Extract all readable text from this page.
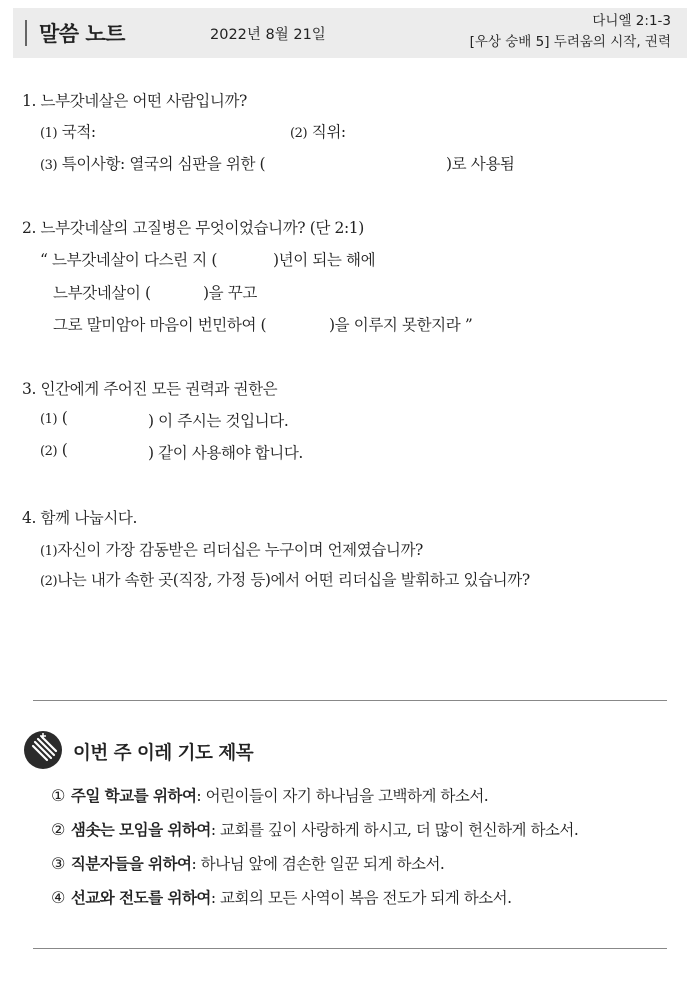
말씀 노트	2022년 8월 21일
다니엘 2:1-3
[우상 숭배 5] 두려움의 시작, 권력
1. 느부갓네살은 어떤 사람입니까?
(1) 국적:	(2) 직위:
(3) 특이사항: 열국의 심판을 위한 (	)로 사용됨
2. 느부갓네살의 고질병은 무엇이었습니까? (단 2:1)
“ 느부갓네살이 다스린 지 (	)년이 되는 해에
느부갓네살이 (	)을 꾸고
그로 말미암아 마음이 번민하여 (	)을 이루지 못한지라 ”
3. 인간에게 주어진 모든 권력과 권한은
(1) (	) 이 주시는 것입니다.
(2) (	) 같이 사용해야 합니다.
4. 함께 나눕시다.
(1)자신이 가장 감동받은 리더십은 누구이며 언제였습니까?
(2)나는 내가 속한 곳(직장, 가정 등)에서 어떤 리더십을 발휘하고 있습니까?
이번 주 이레 기도 제목
① 주일 학교를 위하여: 어린이들이 자기 하나님을 고백하게 하소서.
② 샘솟는 모임을 위하여: 교회를 깊이 사랑하게 하시고, 더 많이 헌신하게 하소서.
③ 직분자들을 위하여: 하나님 앞에 겸손한 일꾼 되게 하소서.
④ 선교와 전도를 위하여: 교회의 모든 사역이 복음 전도가 되게 하소서.
